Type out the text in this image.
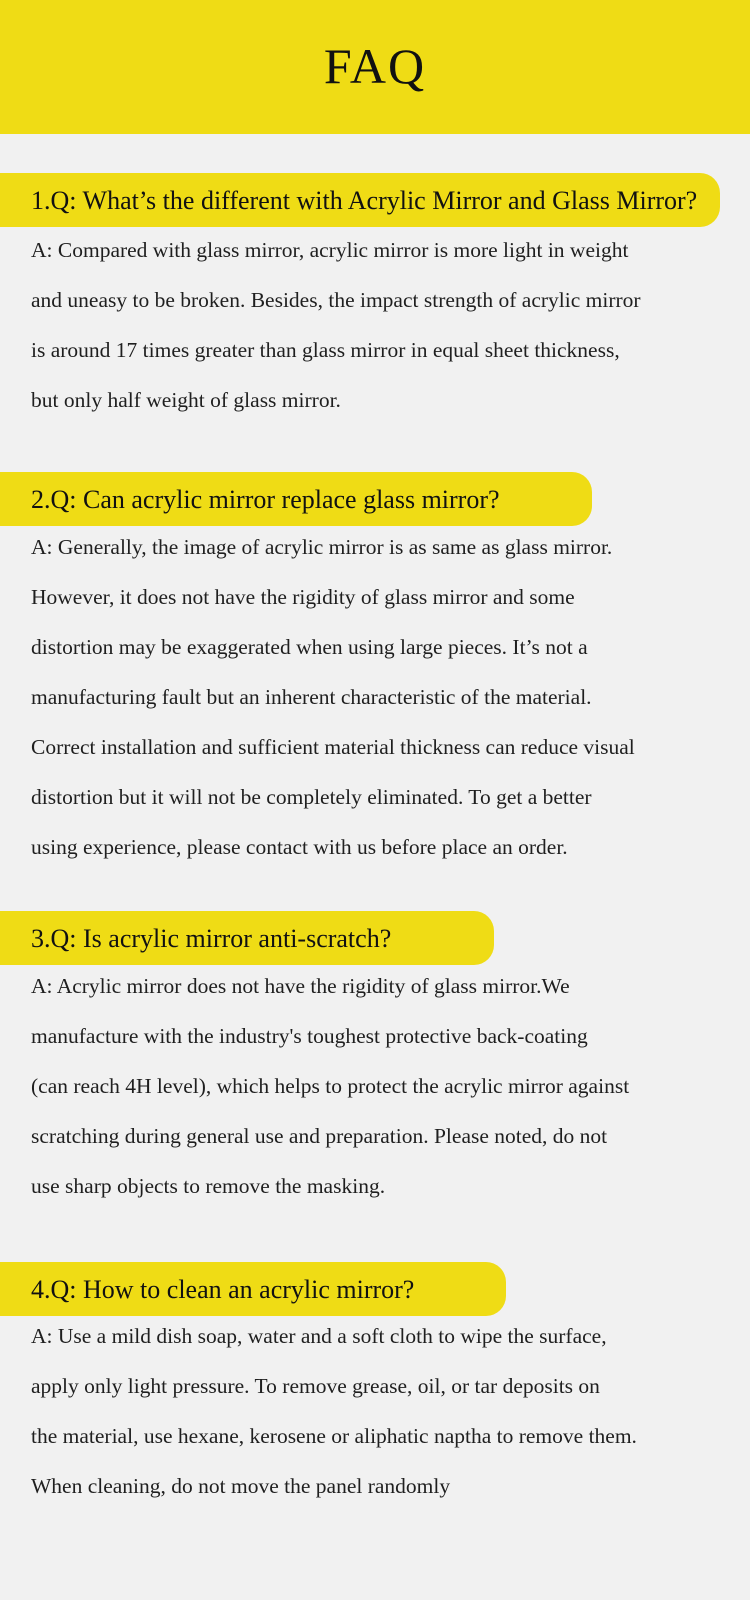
FAQ
1.Q: What’s the different with Acrylic Mirror and Glass Mirror?
A: Compared with glass mirror, acrylic mirror is more light in weight
and uneasy to be broken. Besides, the impact strength of acrylic mirror
is around 17 times greater than glass mirror in equal sheet thickness,
but only half weight of glass mirror.
2.Q: Can acrylic mirror replace glass mirror?
A: Generally, the image of acrylic mirror is as same as glass mirror.
However, it does not have the rigidity of glass mirror and some
distortion may be exaggerated when using large pieces. It’s not a
manufacturing fault but an inherent characteristic of the material.
Correct installation and sufficient material thickness can reduce visual
distortion but it will not be completely eliminated. To get a better
using experience, please contact with us before place an order.
3.Q: Is acrylic mirror anti-scratch?
A: Acrylic mirror does not have the rigidity of glass mirror.We
manufacture with the industry's toughest protective back-coating
(can reach 4H level), which helps to protect the acrylic mirror against
scratching during general use and preparation. Please noted, do not
use sharp objects to remove the masking.
4.Q: How to clean an acrylic mirror?
A: Use a mild dish soap, water and a soft cloth to wipe the surface,
apply only light pressure. To remove grease, oil, or tar deposits on
the material, use hexane, kerosene or aliphatic naptha to remove them.
When cleaning, do not move the panel randomly
